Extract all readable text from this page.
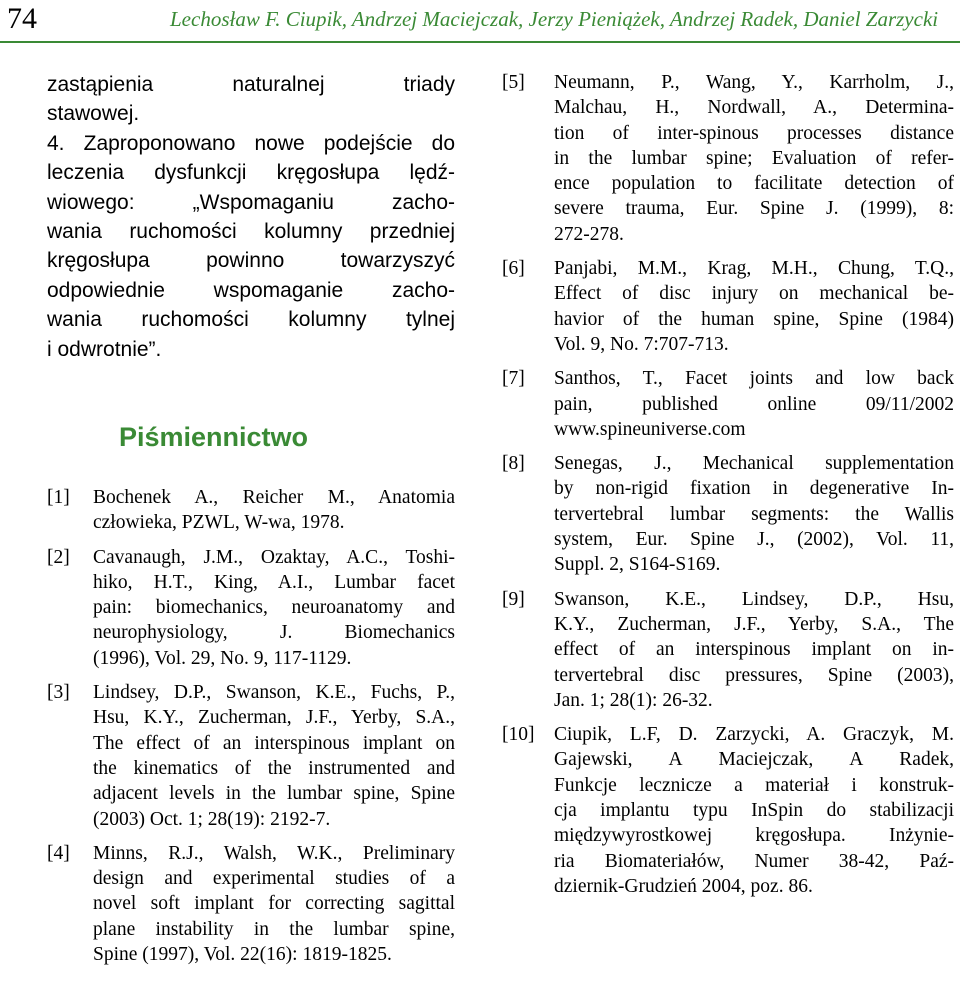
74	Lechosław F. Ciupik, Andrzej Maciejczak, Jerzy Pieniążek, Andrzej Radek, Daniel Zarzycki
zastąpienia naturalnej triady
stawowej.
4. Zaproponowano nowe podejście do
leczenia dysfunkcji kręgosłupa lędź-
wiowego: „Wspomaganiu zacho-
wania ruchomości kolumny przedniej
kręgosłupa powinno towarzyszyć
odpowiednie wspomaganie zacho-
wania ruchomości kolumny tylnej
i odwrotnie”.
Piśmiennictwo
[1] Bochenek A., Reicher M., Anatomia
człowieka, PZWL, W-wa, 1978.
[2] Cavanaugh, J.M., Ozaktay, A.C., Toshi-
hiko, H.T., King, A.I., Lumbar facet
pain: biomechanics, neuroanatomy and
neurophysiology, J. Biomechanics
(1996), Vol. 29, No. 9, 117-1129.
[3] Lindsey, D.P., Swanson, K.E., Fuchs, P.,
Hsu, K.Y., Zucherman, J.F., Yerby, S.A.,
The effect of an interspinous implant on
the kinematics of the instrumented and
adjacent levels in the lumbar spine, Spine
(2003) Oct. 1; 28(19): 2192-7.
[4] Minns, R.J., Walsh, W.K., Preliminary
design and experimental studies of a
novel soft implant for correcting sagittal
plane instability in the lumbar spine,
Spine (1997), Vol. 22(16): 1819-1825.
[5] Neumann, P., Wang, Y., Karrholm, J.,
Malchau, H., Nordwall, A., Determina-
tion of inter-spinous processes distance
in the lumbar spine; Evaluation of refer-
ence population to facilitate detection of
severe trauma, Eur. Spine J. (1999), 8:
272-278.
[6] Panjabi, M.M., Krag, M.H., Chung, T.Q.,
Effect of disc injury on mechanical be-
havior of the human spine, Spine (1984)
Vol. 9, No. 7:707-713.
[7] Santhos, T., Facet joints and low back
pain, published online 09/11/2002
www.spineuniverse.com
[8] Senegas, J., Mechanical supplementation
by non-rigid fixation in degenerative In-
tervertebral lumbar segments: the Wallis
system, Eur. Spine J., (2002), Vol. 11,
Suppl. 2, S164-S169.
[9] Swanson, K.E., Lindsey, D.P., Hsu,
K.Y., Zucherman, J.F., Yerby, S.A., The
effect of an interspinous implant on in-
tervertebral disc pressures, Spine (2003),
Jan. 1; 28(1): 26-32.
[10] Ciupik, L.F, D. Zarzycki, A. Graczyk, M.
Gajewski, A Maciejczak, A Radek,
Funkcje lecznicze a materiał i konstruk-
cja implantu typu InSpin do stabilizacji
międzywyrostkowej kręgosłupa. Inżynie-
ria Biomateriałów, Numer 38-42, Paź-
dziernik-Grudzień 2004, poz. 86.
